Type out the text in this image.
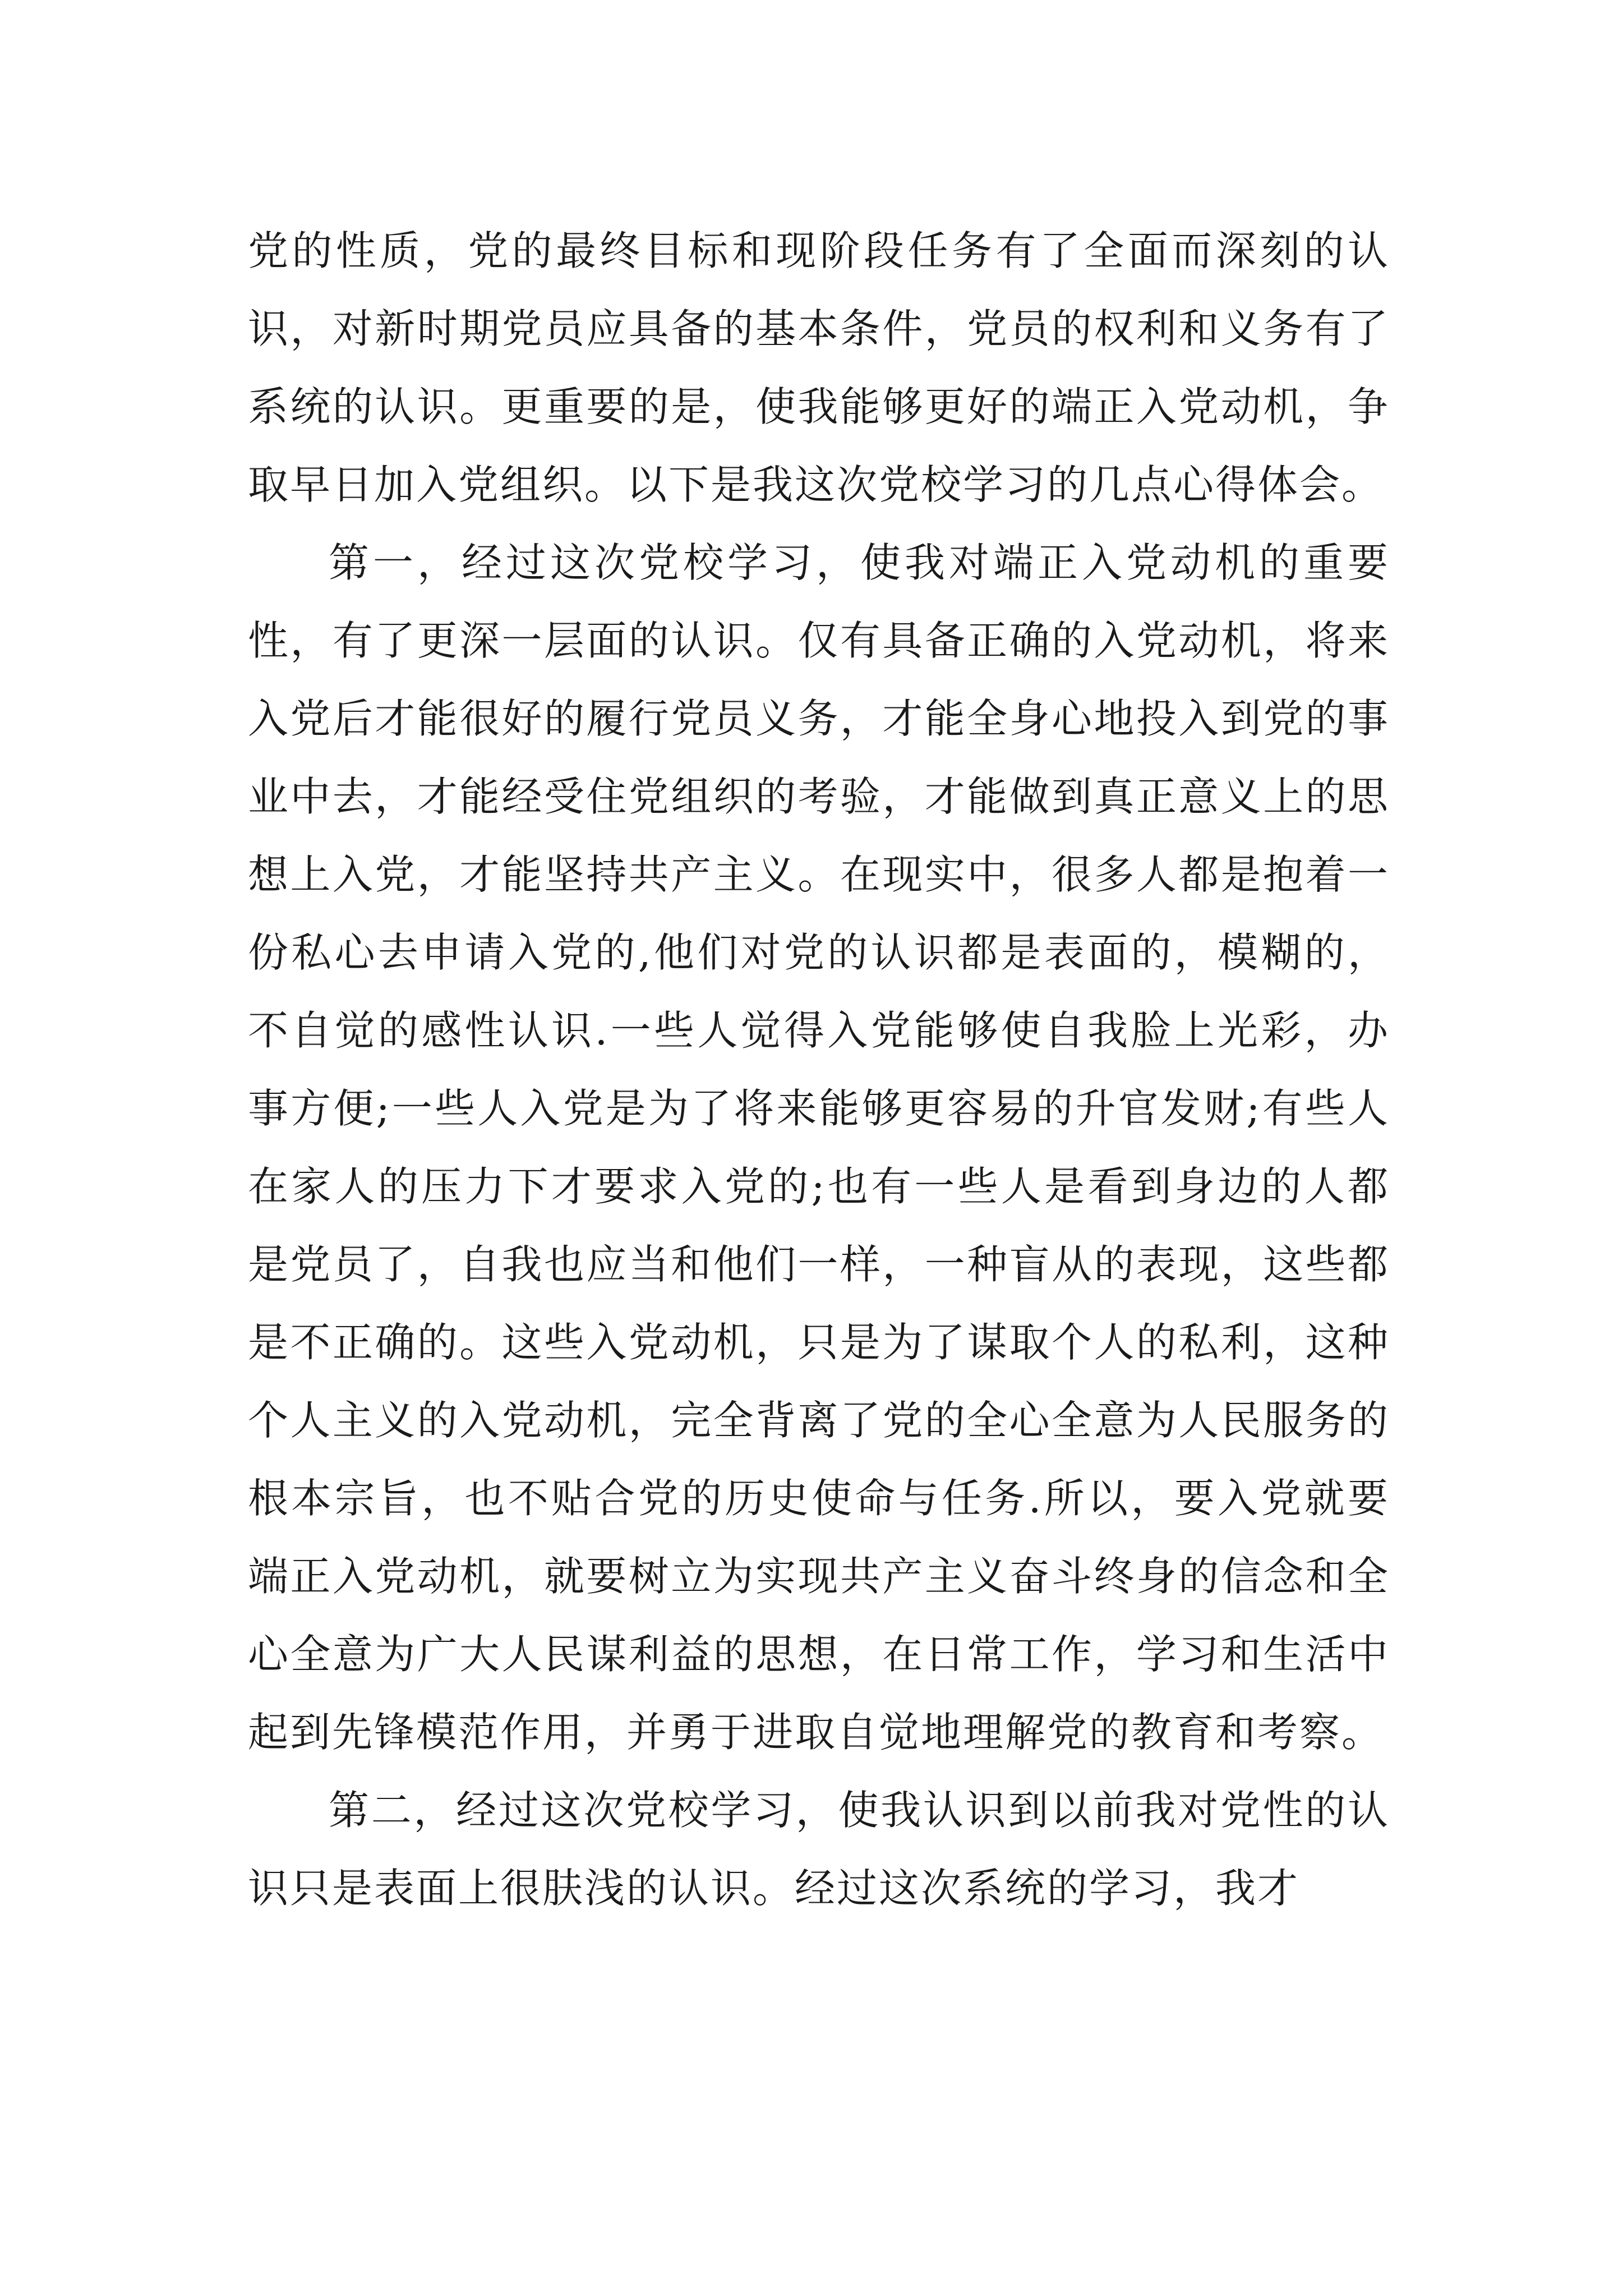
党的性质，党的最终目标和现阶段任务有了全面而深刻的认识，对新时期党员应具备的基本条件，党员的权利和义务有了系统的认识。更重要的是，使我能够更好的端正入党动机，争取早日加入党组织。以下是我这次党校学习的几点心得体会。

第一，经过这次党校学习，使我对端正入党动机的重要性，有了更深一层面的认识。仅有具备正确的入党动机，将来入党后才能很好的履行党员义务，才能全身心地投入到党的事业中去，才能经受住党组织的考验，才能做到真正意义上的思想上入党，才能坚持共产主义。在现实中，很多人都是抱着一份私心去申请入党的,他们对党的认识都是表面的，模糊的，不自觉的感性认识.一些人觉得入党能够使自我脸上光彩，办事方便;一些人入党是为了将来能够更容易的升官发财;有些人在家人的压力下才要求入党的;也有一些人是看到身边的人都是党员了，自我也应当和他们一样，一种盲从的表现，这些都是不正确的。这些入党动机，只是为了谋取个人的私利，这种个人主义的入党动机，完全背离了党的全心全意为人民服务的根本宗旨，也不贴合党的历史使命与任务.所以，要入党就要端正入党动机，就要树立为实现共产主义奋斗终身的信念和全心全意为广大人民谋利益的思想，在日常工作，学习和生活中起到先锋模范作用，并勇于进取自觉地理解党的教育和考察。

第二，经过这次党校学习，使我认识到以前我对党性的认识只是表面上很肤浅的认识。经过这次系统的学习，我才
